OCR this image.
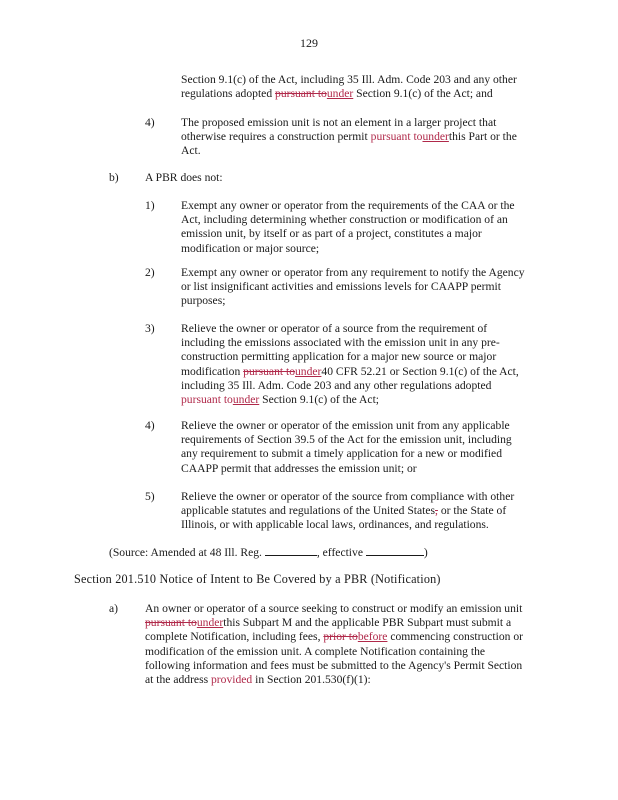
129
Section 9.1(c) of the Act, including 35 Ill. Adm. Code 203 and any other
regulations adopted pursuant tounder Section 9.1(c) of the Act; and
4) The proposed emission unit is not an element in a larger project that
otherwise requires a construction permit pursuant tounderthis Part or the
Act.
b) A PBR does not:
1) Exempt any owner or operator from the requirements of the CAA or the
Act, including determining whether construction or modification of an
emission unit, by itself or as part of a project, constitutes a major
modification or major source;
2) Exempt any owner or operator from any requirement to notify the Agency
or list insignificant activities and emissions levels for CAAPP permit
purposes;
3) Relieve the owner or operator of a source from the requirement of
including the emissions associated with the emission unit in any pre-
construction permitting application for a major new source or major
modification pursuant tounder40 CFR 52.21 or Section 9.1(c) of the Act,
including 35 Ill. Adm. Code 203 and any other regulations adopted
pursuant tounder Section 9.1(c) of the Act;
4) Relieve the owner or operator of the emission unit from any applicable
requirements of Section 39.5 of the Act for the emission unit, including
any requirement to submit a timely application for a new or modified
CAAPP permit that addresses the emission unit; or
5) Relieve the owner or operator of the source from compliance with other
applicable statutes and regulations of the United States, or the State of
Illinois, or with applicable local laws, ordinances, and regulations.
(Source: Amended at 48 Ill. Reg.	, effective	)
Section 201.510 Notice of Intent to Be Covered by a PBR (Notification)
a) An owner or operator of a source seeking to construct or modify an emission unit
pursuant tounderthis Subpart M and the applicable PBR Subpart must submit a
complete Notification, including fees, prior tobefore commencing construction or
modification of the emission unit. A complete Notification containing the
following information and fees must be submitted to the Agency's Permit Section
at the address provided in Section 201.530(f)(1):
